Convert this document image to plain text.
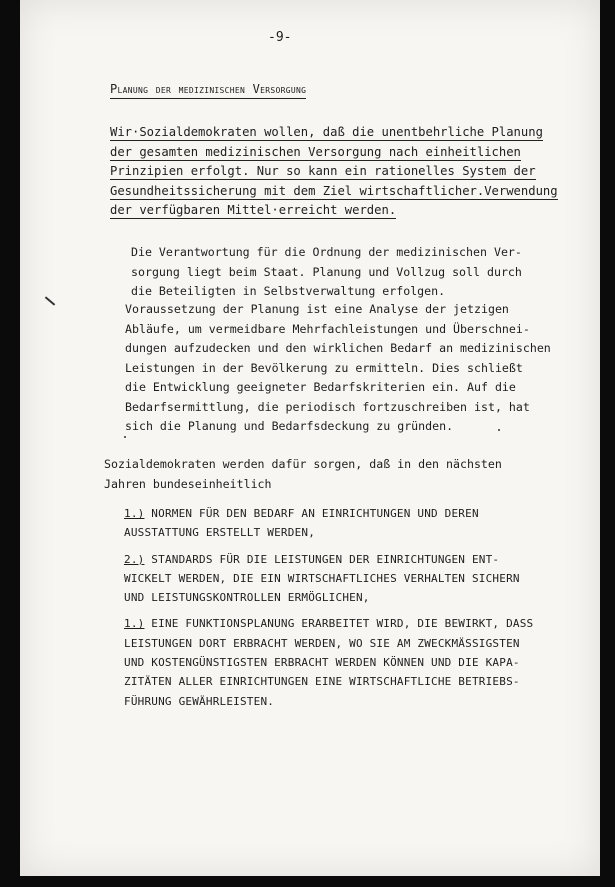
-9-
Planung der medizinischen Versorgung
Wir·Sozialdemokraten wollen, daß die unentbehrliche Planung
der gesamten medizinischen Versorgung nach einheitlichen
Prinzipien erfolgt. Nur so kann ein rationelles System der
Gesundheitssicherung mit dem Ziel wirtschaftlicher.Verwendung
der verfügbaren Mittel·erreicht werden.
Die Verantwortung für die Ordnung der medizinischen Ver-
sorgung liegt beim Staat. Planung und Vollzug soll durch
die Beteiligten in Selbstverwaltung erfolgen.
Voraussetzung der Planung ist eine Analyse der jetzigen
Abläufe, um vermeidbare Mehrfachleistungen und Überschnei-
dungen aufzudecken und den wirklichen Bedarf an medizinischen
Leistungen in der Bevölkerung zu ermitteln. Dies schließt
die Entwicklung geeigneter Bedarfskriterien ein. Auf die
Bedarfsermittlung, die periodisch fortzuschreiben ist, hat
sich die Planung und Bedarfsdeckung zu gründen.
Sozialdemokraten werden dafür sorgen, daß in den nächsten
Jahren bundeseinheitlich
1.) NORMEN FÜR DEN BEDARF AN EINRICHTUNGEN UND DEREN
AUSSTATTUNG ERSTELLT WERDEN,
2.) STANDARDS FÜR DIE LEISTUNGEN DER EINRICHTUNGEN ENT-
WICKELT WERDEN, DIE EIN WIRTSCHAFTLICHES VERHALTEN SICHERN
UND LEISTUNGSKONTROLLEN ERMÖGLICHEN,
1.) EINE FUNKTIONSPLANUNG ERARBEITET WIRD, DIE BEWIRKT, DASS
LEISTUNGEN DORT ERBRACHT WERDEN, WO SIE AM ZWECKMÄSSIGSTEN
UND KOSTENGÜNSTIGSTEN ERBRACHT WERDEN KÖNNEN UND DIE KAPA-
ZITÄTEN ALLER EINRICHTUNGEN EINE WIRTSCHAFTLICHE BETRIEBS-
FÜHRUNG GEWÄHRLEISTEN.
